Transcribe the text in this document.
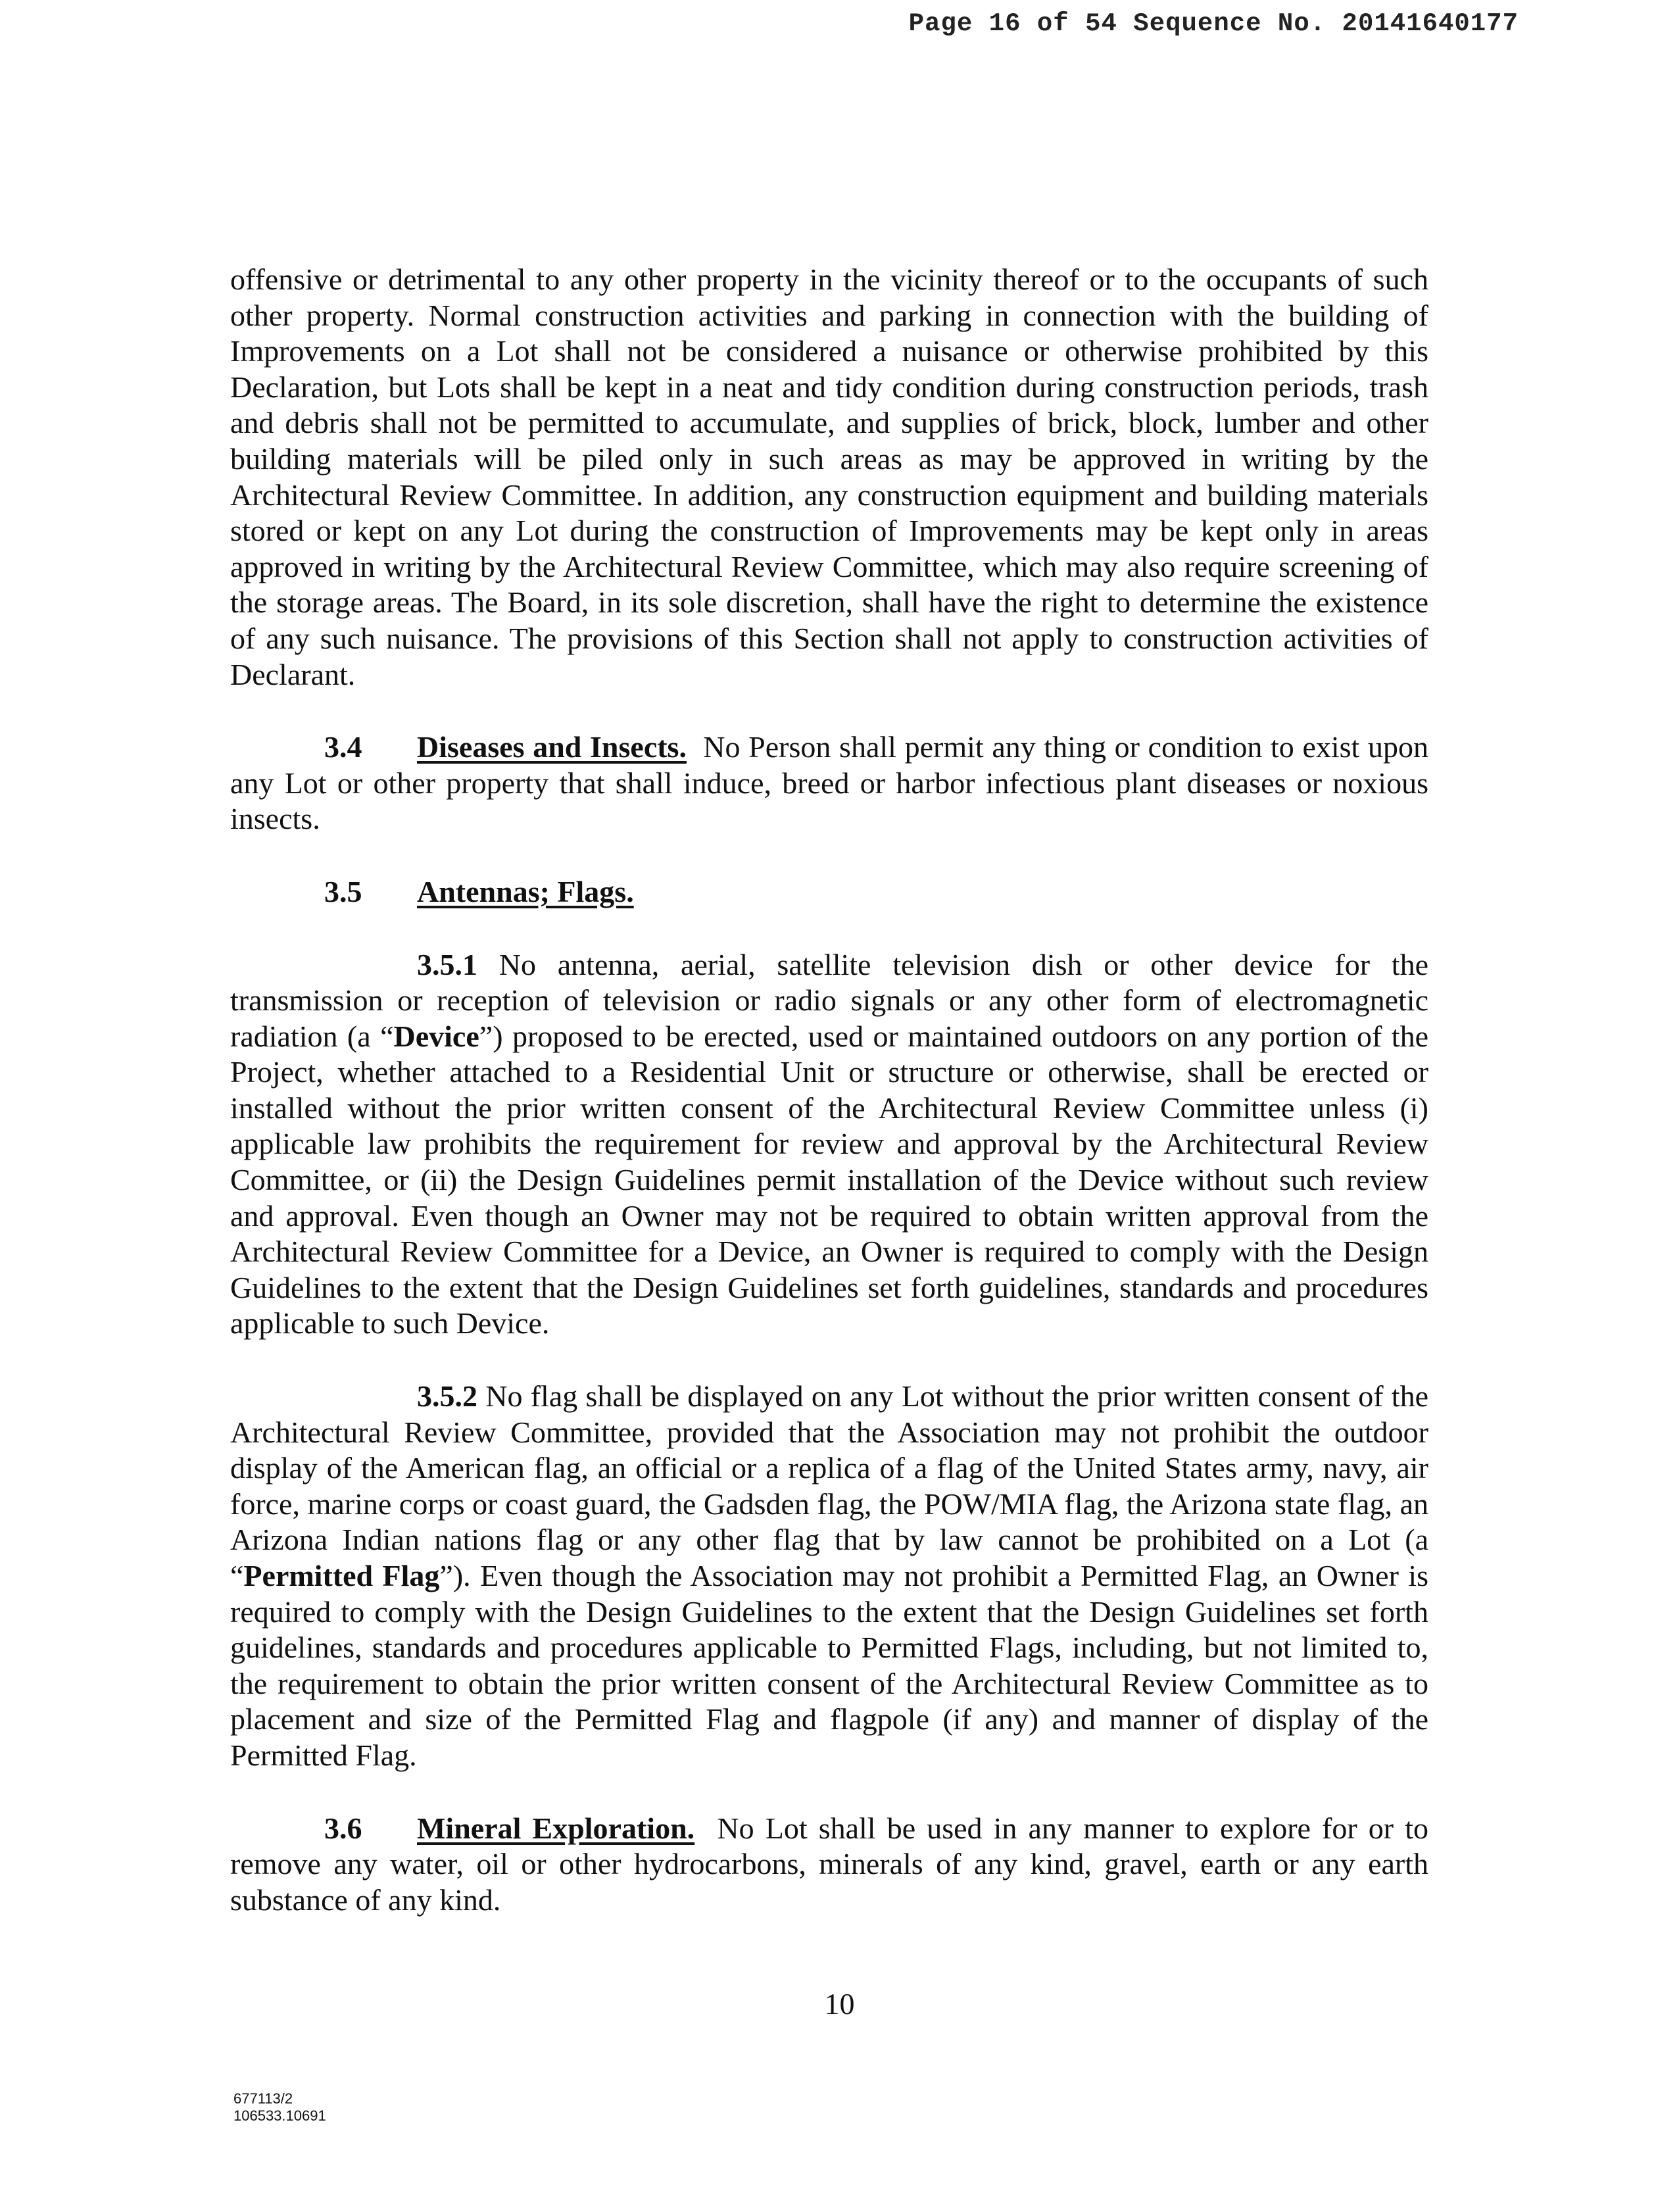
Page 16 of 54 Sequence No. 20141640177

offensive or detrimental to any other property in the vicinity thereof or to the occupants of such other property. Normal construction activities and parking in connection with the building of Improvements on a Lot shall not be considered a nuisance or otherwise prohibited by this Declaration, but Lots shall be kept in a neat and tidy condition during construction periods, trash and debris shall not be permitted to accumulate, and supplies of brick, block, lumber and other building materials will be piled only in such areas as may be approved in writing by the Architectural Review Committee. In addition, any construction equipment and building materials stored or kept on any Lot during the construction of Improvements may be kept only in areas approved in writing by the Architectural Review Committee, which may also require screening of the storage areas. The Board, in its sole discretion, shall have the right to determine the existence of any such nuisance. The provisions of this Section shall not apply to construction activities of Declarant.

3.4 Diseases and Insects. No Person shall permit any thing or condition to exist upon any Lot or other property that shall induce, breed or harbor infectious plant diseases or noxious insects.

3.5 Antennas; Flags.

3.5.1 No antenna, aerial, satellite television dish or other device for the transmission or reception of television or radio signals or any other form of electromagnetic radiation (a “Device”) proposed to be erected, used or maintained outdoors on any portion of the Project, whether attached to a Residential Unit or structure or otherwise, shall be erected or installed without the prior written consent of the Architectural Review Committee unless (i) applicable law prohibits the requirement for review and approval by the Architectural Review Committee, or (ii) the Design Guidelines permit installation of the Device without such review and approval. Even though an Owner may not be required to obtain written approval from the Architectural Review Committee for a Device, an Owner is required to comply with the Design Guidelines to the extent that the Design Guidelines set forth guidelines, standards and procedures applicable to such Device.

3.5.2 No flag shall be displayed on any Lot without the prior written consent of the Architectural Review Committee, provided that the Association may not prohibit the outdoor display of the American flag, an official or a replica of a flag of the United States army, navy, air force, marine corps or coast guard, the Gadsden flag, the POW/MIA flag, the Arizona state flag, an Arizona Indian nations flag or any other flag that by law cannot be prohibited on a Lot (a “Permitted Flag”). Even though the Association may not prohibit a Permitted Flag, an Owner is required to comply with the Design Guidelines to the extent that the Design Guidelines set forth guidelines, standards and procedures applicable to Permitted Flags, including, but not limited to, the requirement to obtain the prior written consent of the Architectural Review Committee as to placement and size of the Permitted Flag and flagpole (if any) and manner of display of the Permitted Flag.

3.6 Mineral Exploration. No Lot shall be used in any manner to explore for or to remove any water, oil or other hydrocarbons, minerals of any kind, gravel, earth or any earth substance of any kind.

10
677113/2
106533.10691
